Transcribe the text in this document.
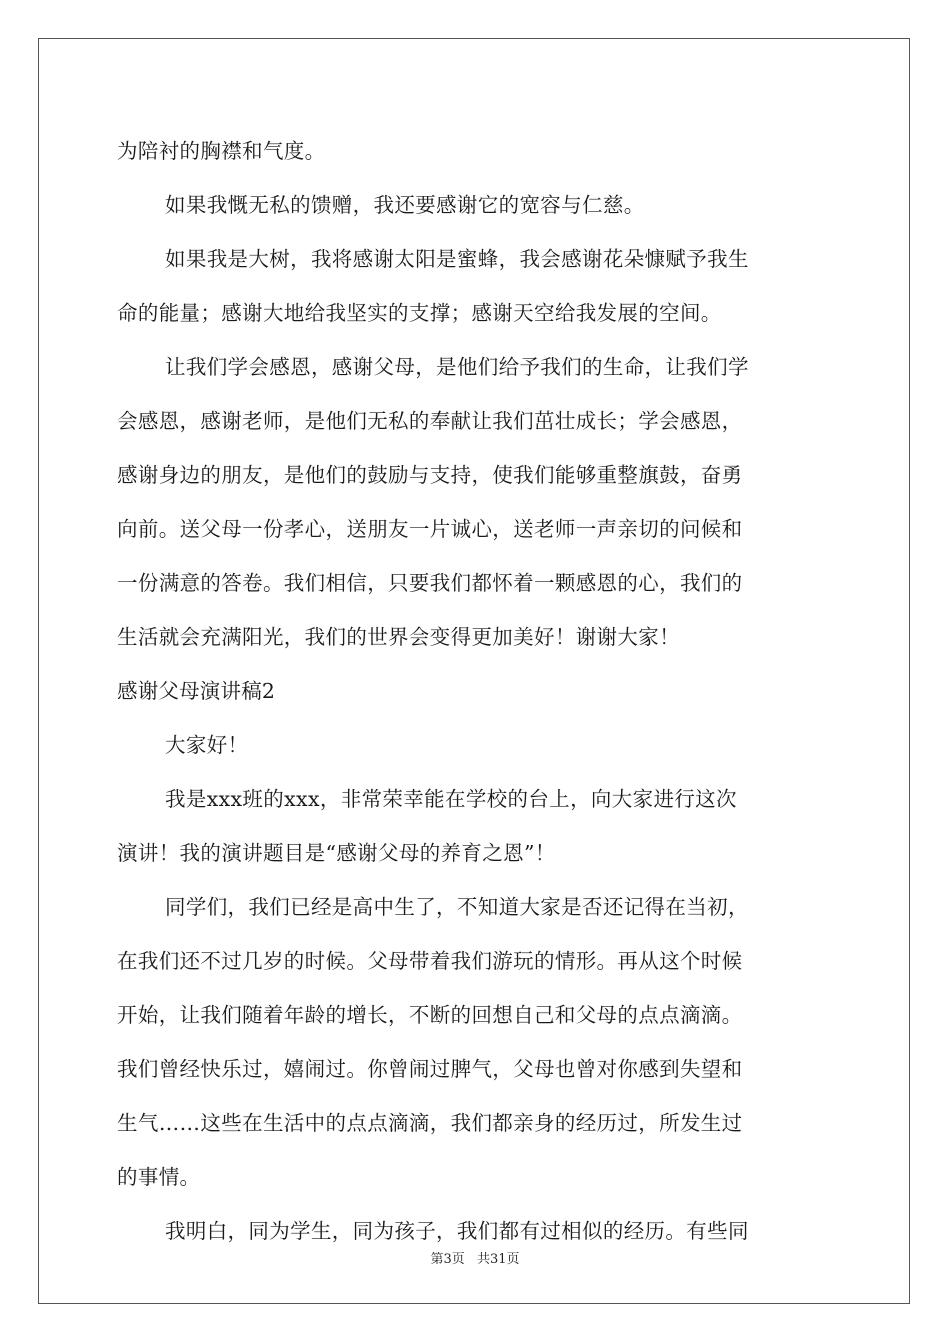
为陪衬的胸襟和气度。
如果我慨无私的馈赠，我还要感谢它的宽容与仁慈。
如果我是大树，我将感谢太阳是蜜蜂，我会感谢花朵慷赋予我生
命的能量；感谢大地给我坚实的支撑；感谢天空给我发展的空间。
让我们学会感恩，感谢父母，是他们给予我们的生命，让我们学
会感恩，感谢老师，是他们无私的奉献让我们茁壮成长；学会感恩，
感谢身边的朋友，是他们的鼓励与支持，使我们能够重整旗鼓，奋勇
向前。送父母一份孝心，送朋友一片诚心，送老师一声亲切的问候和
一份满意的答卷。我们相信，只要我们都怀着一颗感恩的心，我们的
生活就会充满阳光，我们的世界会变得更加美好！谢谢大家！
感谢父母演讲稿2
大家好！
我是xxx班的xxx，非常荣幸能在学校的台上，向大家进行这次
演讲！我的演讲题目是“感谢父母的养育之恩”！
同学们，我们已经是高中生了，不知道大家是否还记得在当初，
在我们还不过几岁的时候。父母带着我们游玩的情形。再从这个时候
开始，让我们随着年龄的增长，不断的回想自己和父母的点点滴滴。
我们曾经快乐过，嬉闹过。你曾闹过脾气，父母也曾对你感到失望和
生气……这些在生活中的点点滴滴，我们都亲身的经历过，所发生过
的事情。
我明白，同为学生，同为孩子，我们都有过相似的经历。有些同
第3页 共31页
